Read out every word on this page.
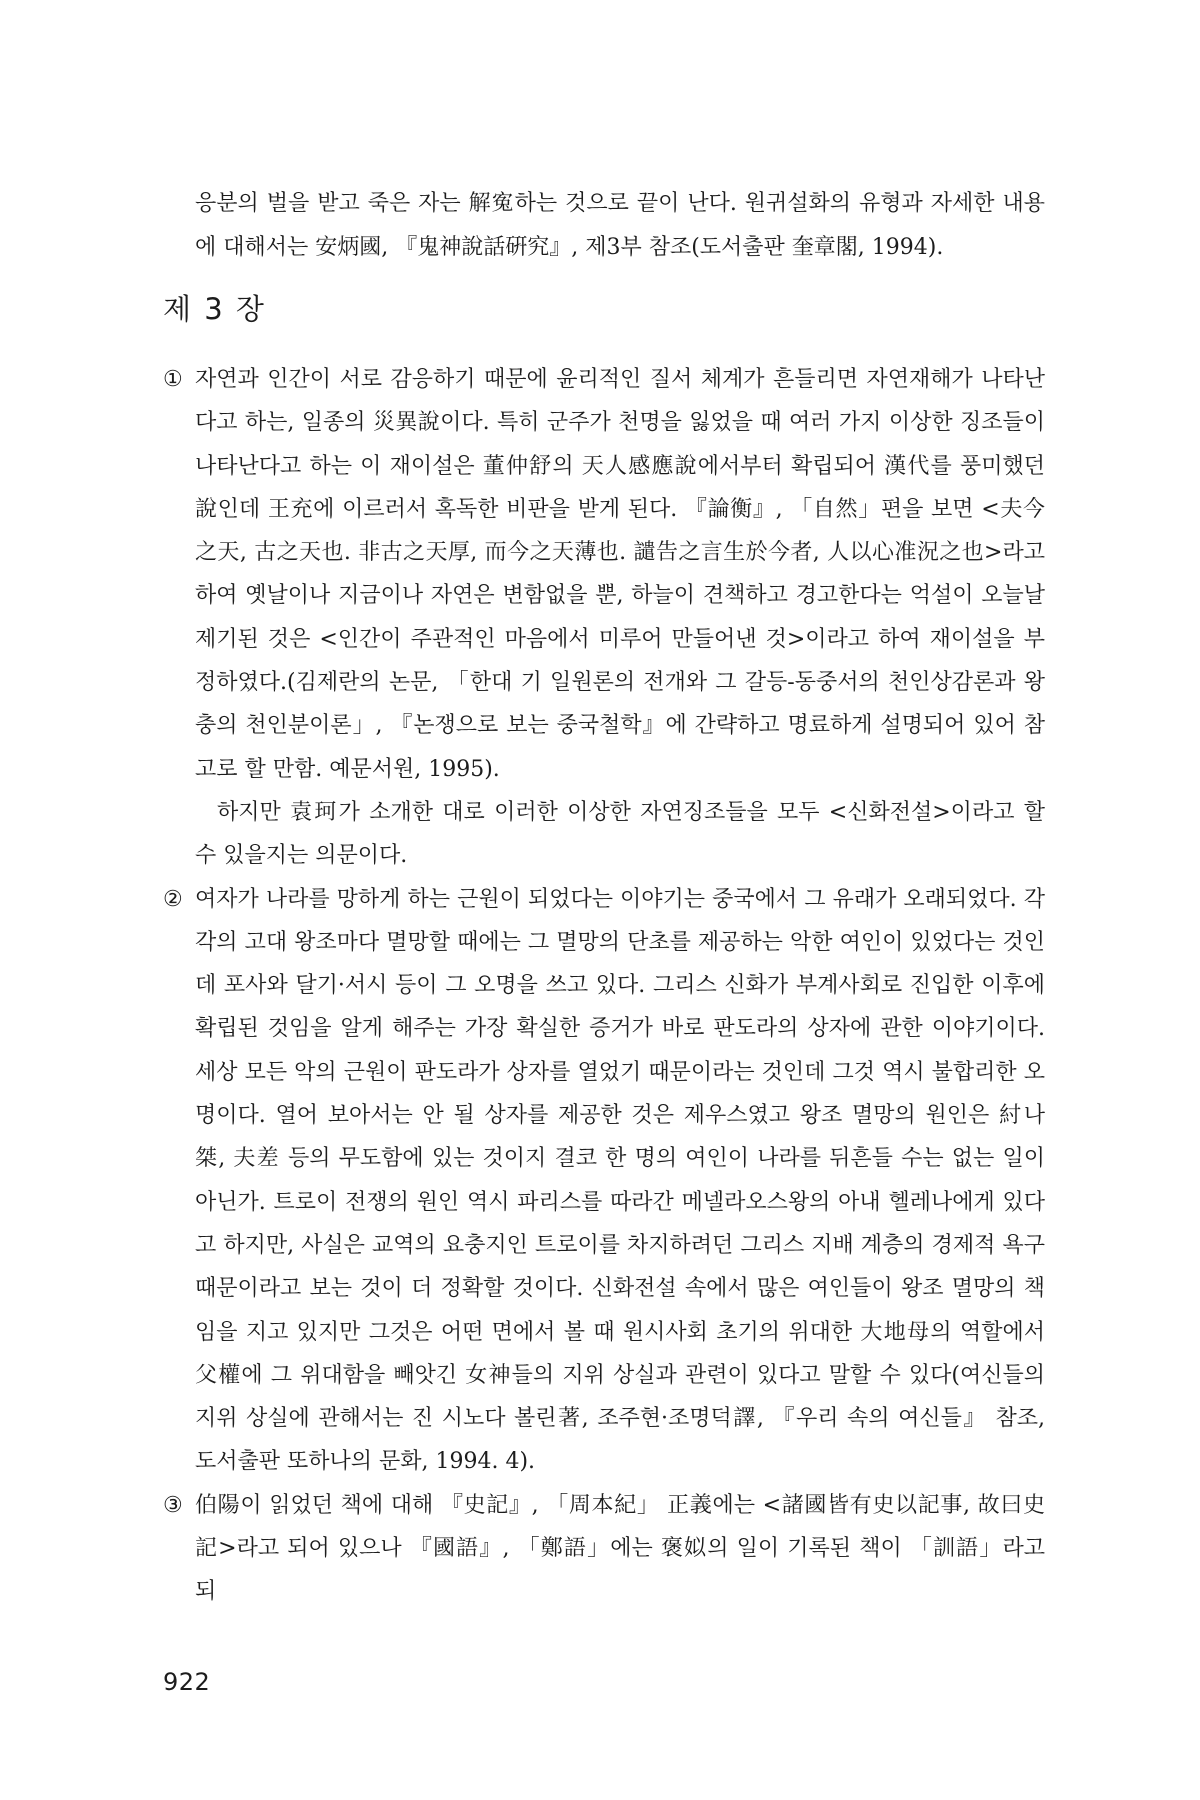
응분의 벌을 받고 죽은 자는 解寃하는 것으로 끝이 난다. 원귀설화의 유형과 자세한 내용에 대해서는 安炳國, 『鬼神說話硏究』, 제3부 참조(도서출판 奎章閣, 1994).

제 3 장
① 자연과 인간이 서로 감응하기 때문에 윤리적인 질서 체계가 흔들리면 자연재해가 나타난다고 하는, 일종의 災異說이다. 특히 군주가 천명을 잃었을 때 여러 가지 이상한 징조들이 나타난다고 하는 이 재이설은 董仲舒의 天人感應說에서부터 확립되어 漢代를 풍미했던 說인데 王充에 이르러서 혹독한 비판을 받게 된다. 『論衡』, 「自然」편을 보면 <夫今之天, 古之天也. 非古之天厚, 而今之天薄也. 譴告之言生於今者, 人以心准況之也>라고 하여 옛날이나 지금이나 자연은 변함없을 뿐, 하늘이 견책하고 경고한다는 억설이 오늘날 제기된 것은 <인간이 주관적인 마음에서 미루어 만들어낸 것>이라고 하여 재이설을 부정하였다.(김제란의 논문, 「한대 기 일원론의 전개와 그 갈등-동중서의 천인상감론과 왕충의 천인분이론」, 『논쟁으로 보는 중국철학』에 간략하고 명료하게 설명되어 있어 참고로 할 만함. 예문서원, 1995).

하지만 袁珂가 소개한 대로 이러한 이상한 자연징조들을 모두 <신화전설>이라고 할 수 있을지는 의문이다.

② 여자가 나라를 망하게 하는 근원이 되었다는 이야기는 중국에서 그 유래가 오래되었다. 각각의 고대 왕조마다 멸망할 때에는 그 멸망의 단초를 제공하는 악한 여인이 있었다는 것인데 포사와 달기·서시 등이 그 오명을 쓰고 있다. 그리스 신화가 부계사회로 진입한 이후에 확립된 것임을 알게 해주는 가장 확실한 증거가 바로 판도라의 상자에 관한 이야기이다. 세상 모든 악의 근원이 판도라가 상자를 열었기 때문이라는 것인데 그것 역시 불합리한 오명이다. 열어 보아서는 안 될 상자를 제공한 것은 제우스였고 왕조 멸망의 원인은 紂나 桀, 夫差 등의 무도함에 있는 것이지 결코 한 명의 여인이 나라를 뒤흔들 수는 없는 일이 아닌가. 트로이 전쟁의 원인 역시 파리스를 따라간 메넬라오스왕의 아내 헬레나에게 있다고 하지만, 사실은 교역의 요충지인 트로이를 차지하려던 그리스 지배 계층의 경제적 욕구 때문이라고 보는 것이 더 정확할 것이다. 신화전설 속에서 많은 여인들이 왕조 멸망의 책임을 지고 있지만 그것은 어떤 면에서 볼 때 원시사회 초기의 위대한 大地母의 역할에서 父權에 그 위대함을 빼앗긴 女神들의 지위 상실과 관련이 있다고 말할 수 있다(여신들의 지위 상실에 관해서는 진 시노다 볼린著, 조주현·조명덕譯, 『우리 속의 여신들』 참조, 도서출판 또하나의 문화, 1994. 4).
③ 伯陽이 읽었던 책에 대해 『史記』, 「周本紀」 正義에는 <諸國皆有史以記事, 故曰史記>라고 되어 있으나 『國語』, 「鄭語」에는 褒姒의 일이 기록된 책이 「訓語」라고 되
922
